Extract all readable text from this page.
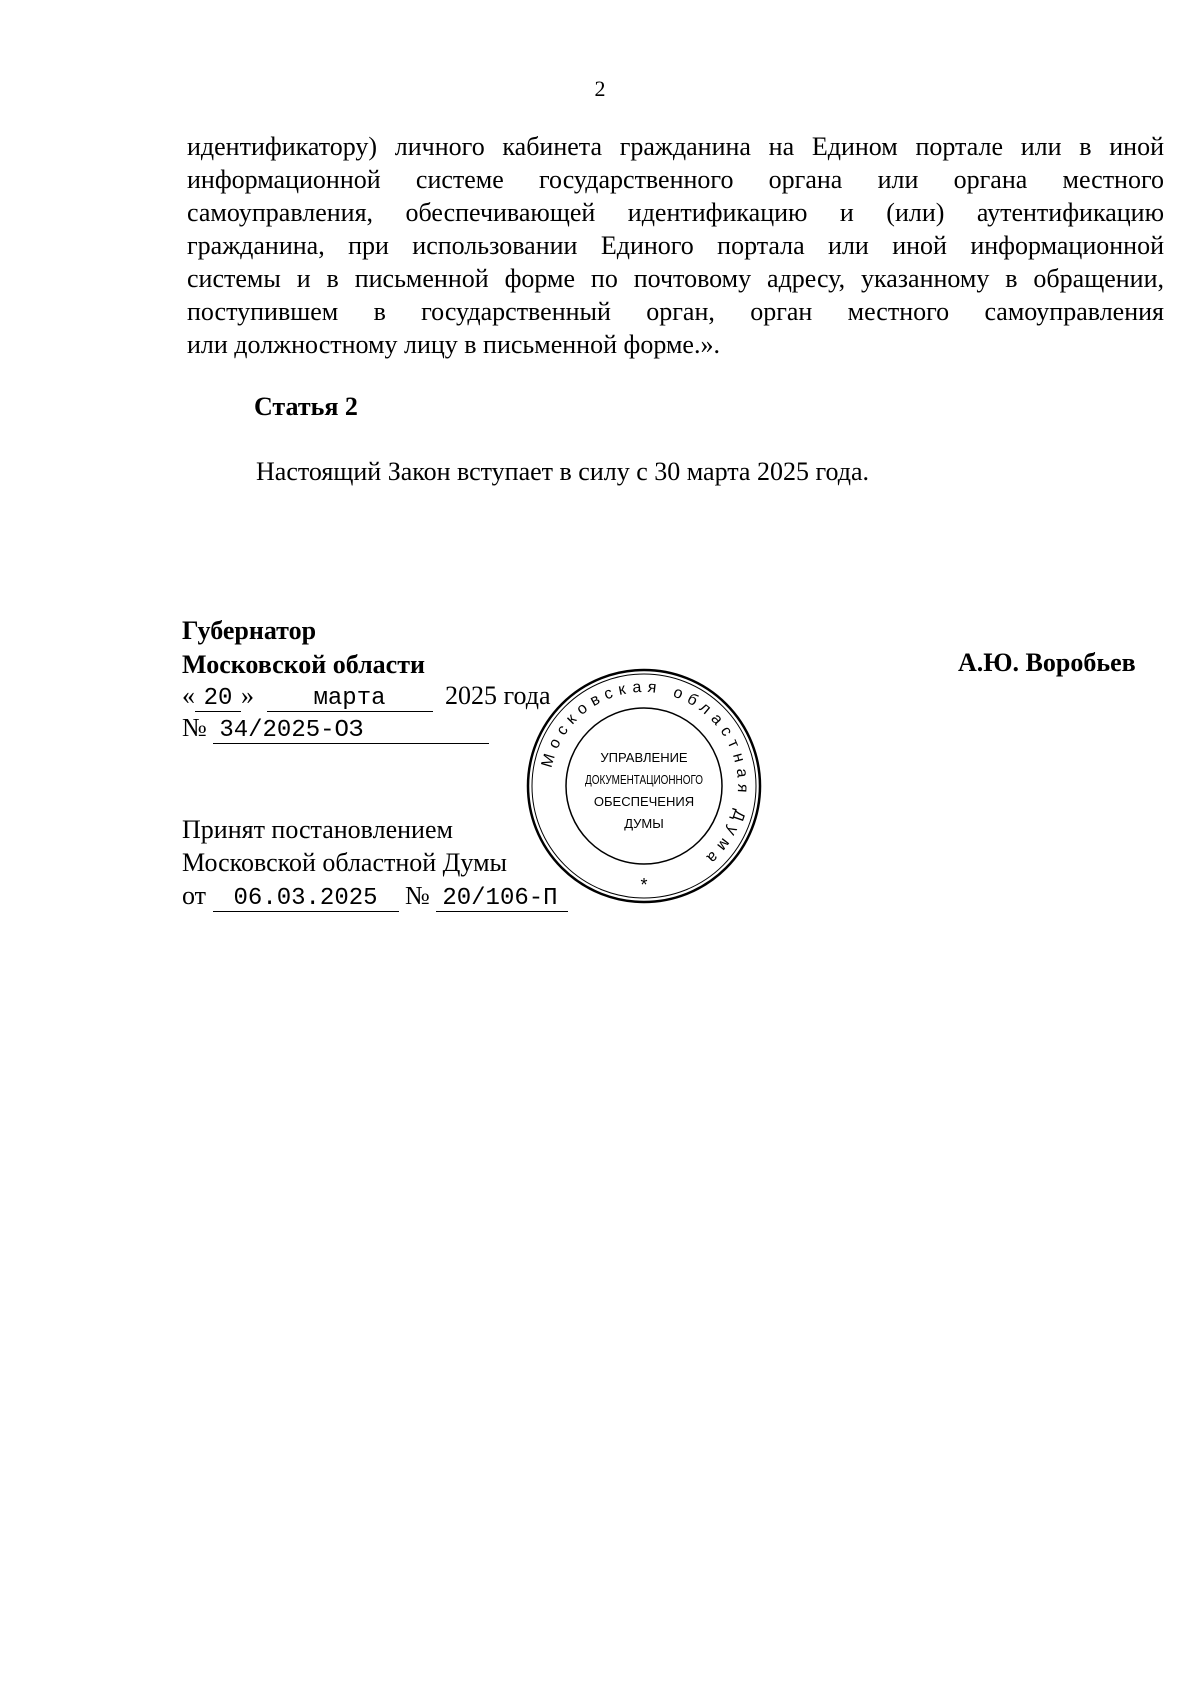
2
идентификатору) личного кабинета гражданина на Едином портале или в иной
информационной системе государственного органа или органа местного
самоуправления, обеспечивающей идентификацию и (или) аутентификацию
гражданина, при использовании Единого портала или иной информационной
системы и в письменной форме по почтовому адресу, указанному в обращении,
поступившем в государственный орган, орган местного самоуправления
или должностному лицу в письменной форме.».
Статья 2
Настоящий Закон вступает в силу с 30 марта 2025 года.
Губернатор
Московской области	А.Ю. Воробьев
« 20 » марта 2025 года
№ 34/2025-ОЗ
Принят постановлением
Московской областной Думы
от 06.03.2025 № 20/106-П
Московская областная Дума
*
УПРАВЛЕНИЕ
ДОКУМЕНТАЦИОННОГО
ОБЕСПЕЧЕНИЯ
ДУМЫ
